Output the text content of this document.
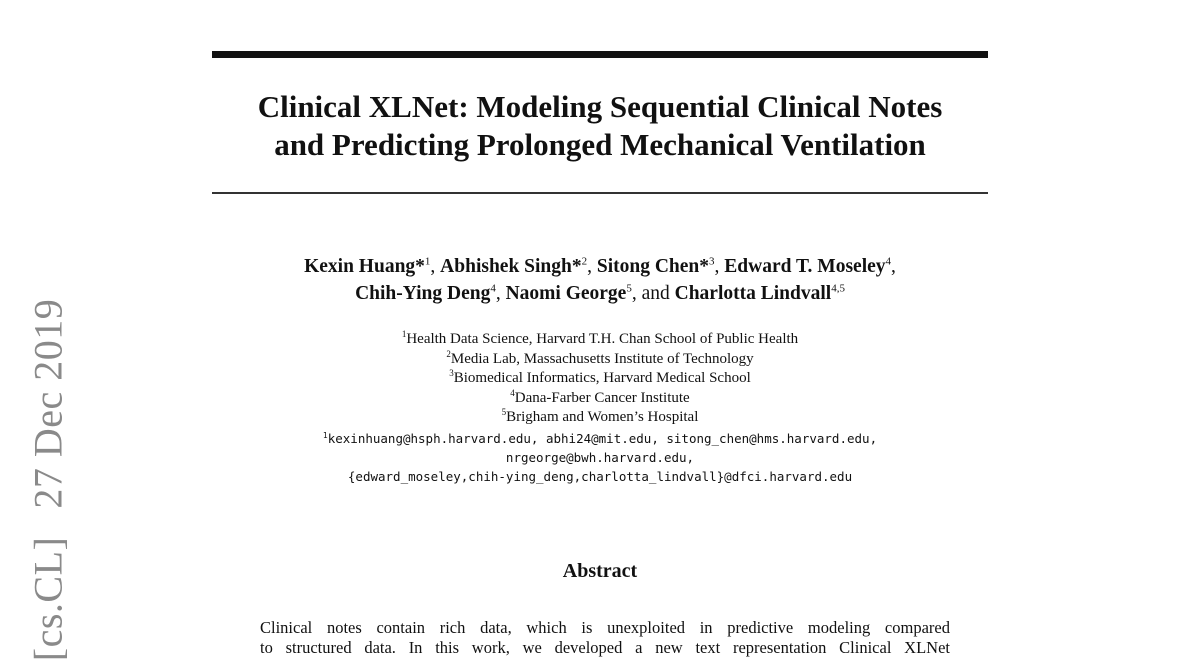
[cs.CL]27 Dec 2019
Clinical XLNet: Modeling Sequential Clinical Notes
and Predicting Prolonged Mechanical Ventilation
Kexin Huang*$^1$, Abhishek Singh*$^2$, Sitong Chen*$^3$, Edward T. Moseley$^4$,
Chih-Ying Deng$^4$, Naomi George$^5$, and Charlotta Lindvall$^{4,5}$
$^1$Health Data Science, Harvard T.H. Chan School of Public Health
$^2$Media Lab, Massachusetts Institute of Technology
$^3$Biomedical Informatics, Harvard Medical School
$^4$Dana-Farber Cancer Institute
$^5$Brigham and Women’s Hospital
$^1$kexinhuang@hsph.harvard.edu, abhi24@mit.edu, sitong_chen@hms.harvard.edu,
nrgeorge@bwh.harvard.edu,
{edward_moseley,chih-ying_deng,charlotta_lindvall}@dfci.harvard.edu
Abstract
Clinical notes contain rich data, which is unexploited in predictive modeling compared
to structured data. In this work, we developed a new text representation Clinical XLNet
